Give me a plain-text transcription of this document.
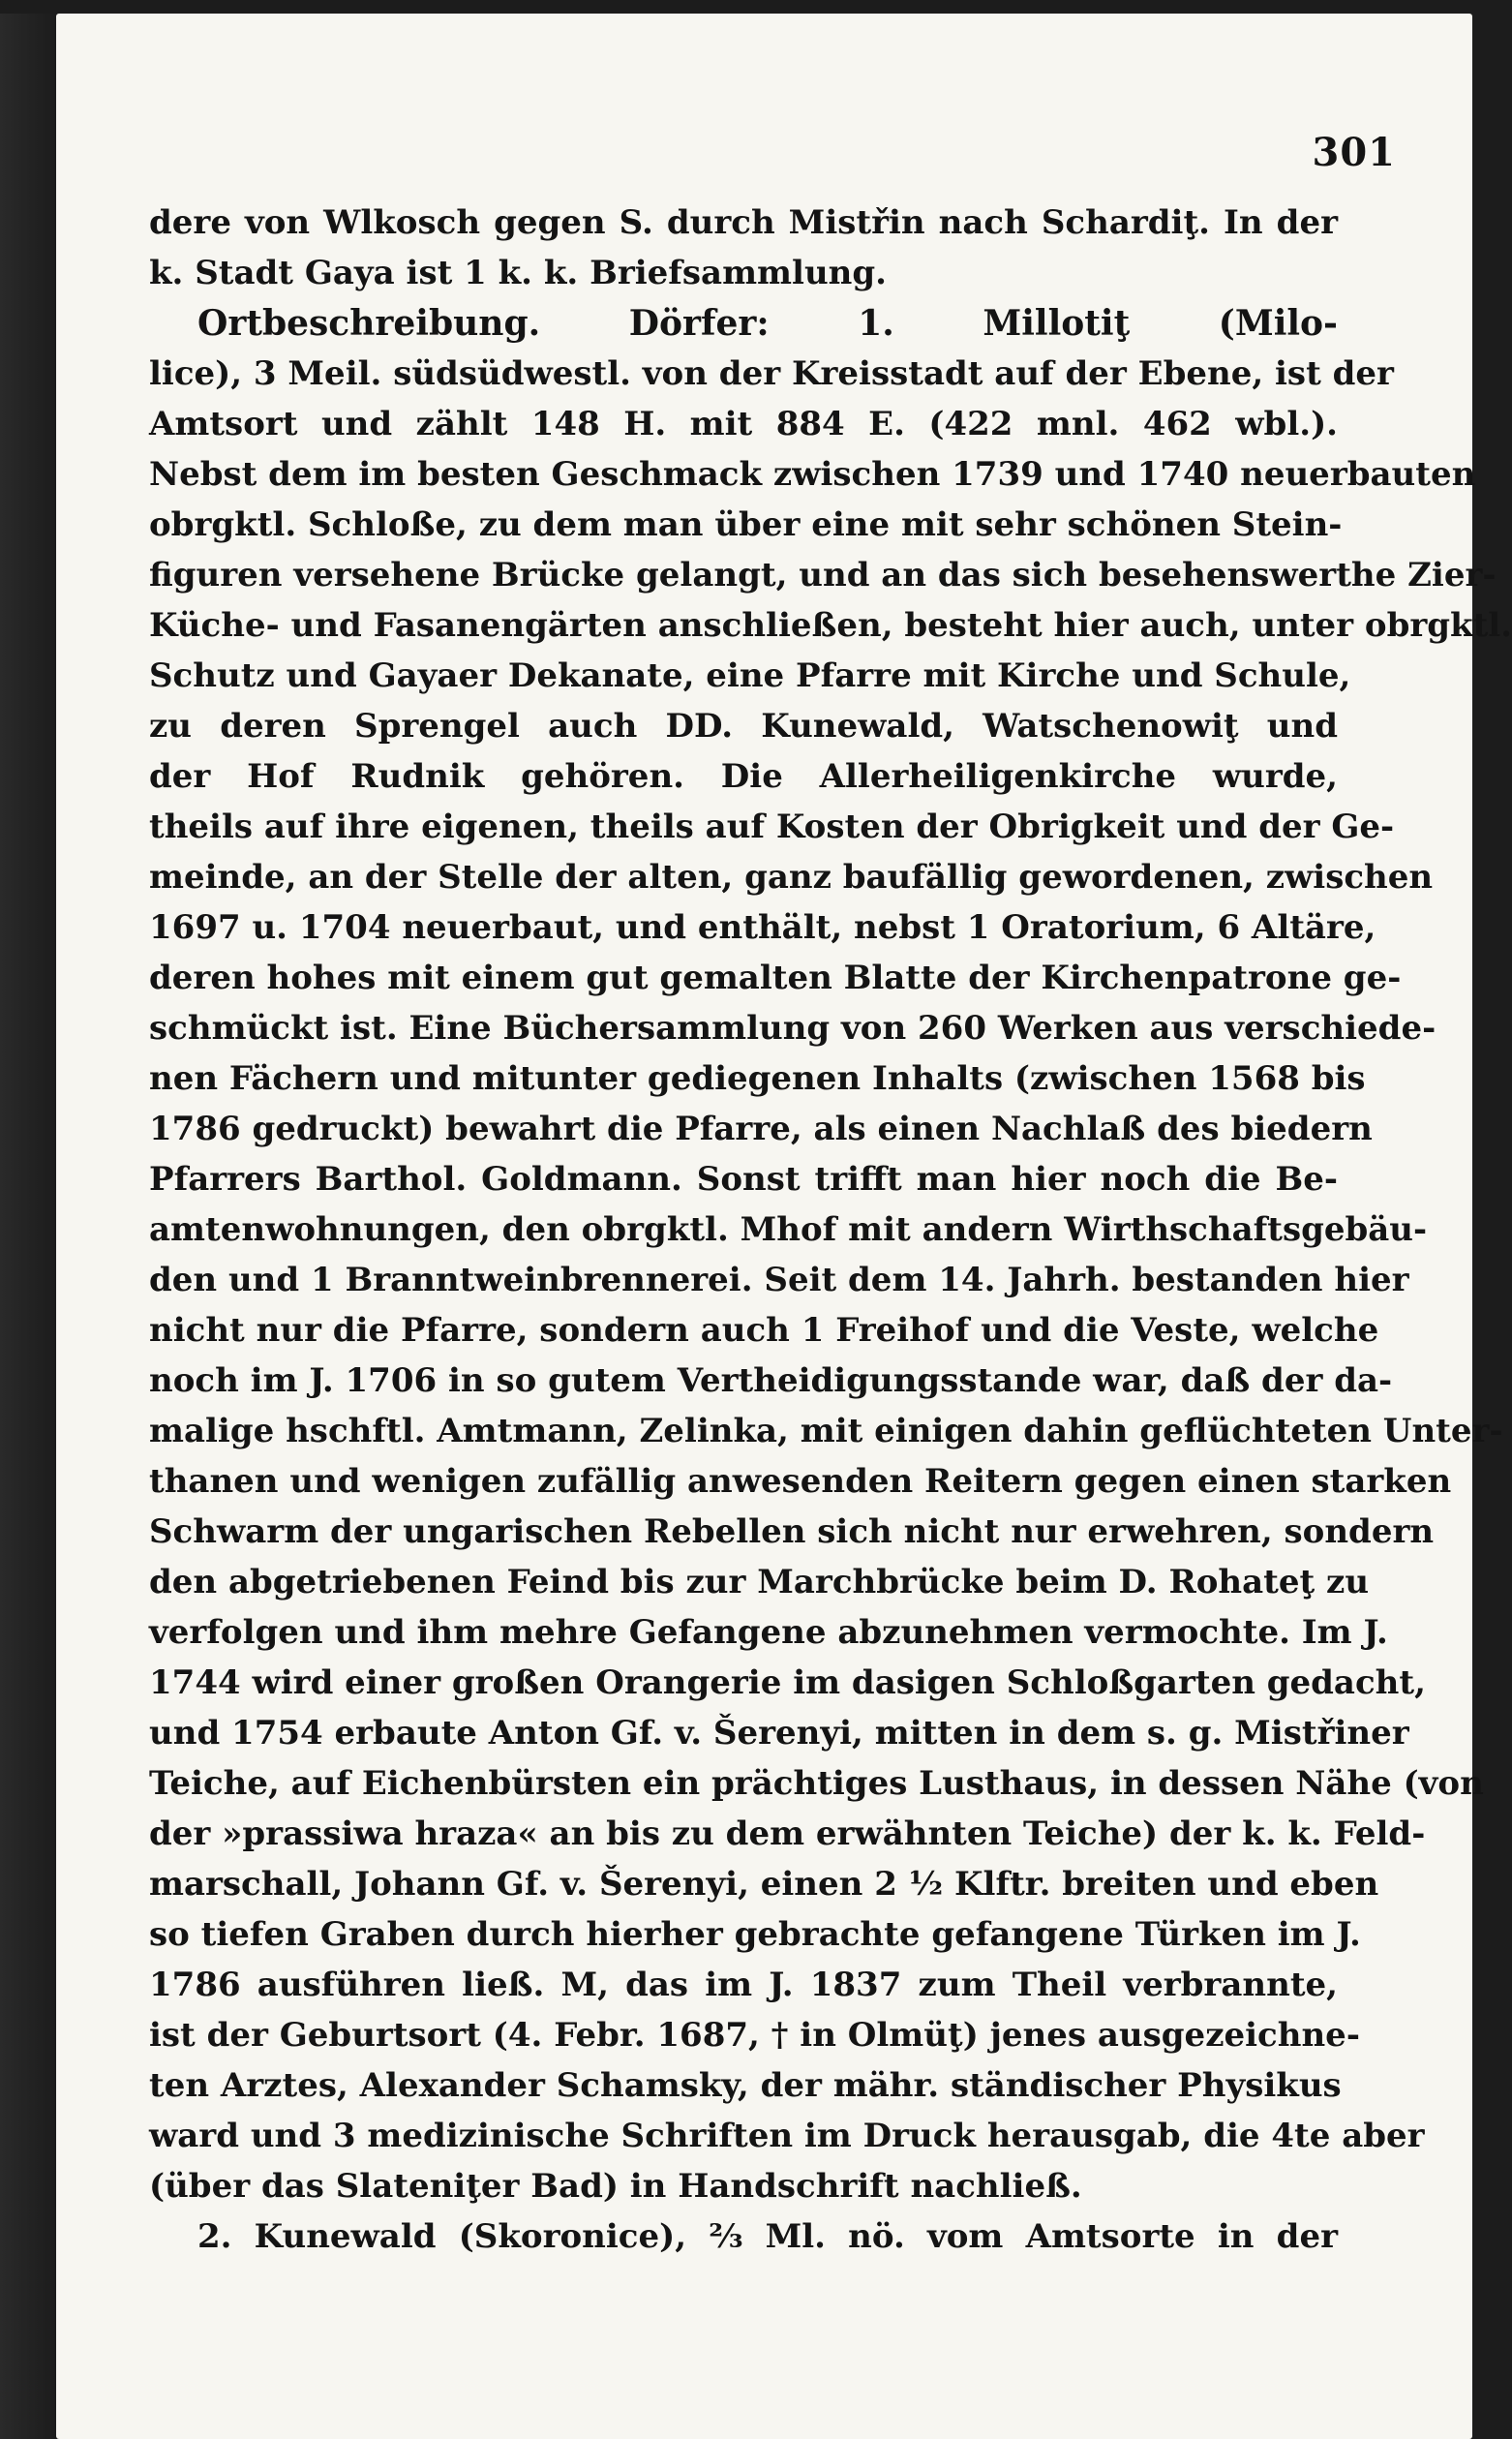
301
dere von Wlkosch gegen S. durch Mistřin nach Schardiţ. In der
k. Stadt Gaya ist 1 k. k. Briefsammlung.
Ortbeschreibung. Dörfer: 1. Millotiţ (Milo-
lice), 3 Meil. südsüdwestl. von der Kreisstadt auf der Ebene, ist der
Amtsort und zählt 148 H. mit 884 E. (422 mnl. 462 wbl.).
Nebst dem im besten Geschmack zwischen 1739 und 1740 neuerbauten
obrgktl. Schloße, zu dem man über eine mit sehr schönen Stein-
figuren versehene Brücke gelangt, und an das sich besehenswerthe Zier-
Küche- und Fasanengärten anschließen, besteht hier auch, unter obrgktl.
Schutz und Gayaer Dekanate, eine Pfarre mit Kirche und Schule,
zu deren Sprengel auch DD. Kunewald, Watschenowiţ und
der Hof Rudnik gehören. Die Allerheiligenkirche wurde,
theils auf ihre eigenen, theils auf Kosten der Obrigkeit und der Ge-
meinde, an der Stelle der alten, ganz baufällig gewordenen, zwischen
1697 u. 1704 neuerbaut, und enthält, nebst 1 Oratorium, 6 Altäre,
deren hohes mit einem gut gemalten Blatte der Kirchenpatrone ge-
schmückt ist. Eine Büchersammlung von 260 Werken aus verschiede-
nen Fächern und mitunter gediegenen Inhalts (zwischen 1568 bis
1786 gedruckt) bewahrt die Pfarre, als einen Nachlaß des biedern
Pfarrers Barthol. Goldmann. Sonst trifft man hier noch die Be-
amtenwohnungen, den obrgktl. Mhof mit andern Wirthschaftsgebäu-
den und 1 Branntweinbrennerei. Seit dem 14. Jahrh. bestanden hier
nicht nur die Pfarre, sondern auch 1 Freihof und die Veste, welche
noch im J. 1706 in so gutem Vertheidigungsstande war, daß der da-
malige hschftl. Amtmann, Zelinka, mit einigen dahin geflüchteten Unter-
thanen und wenigen zufällig anwesenden Reitern gegen einen starken
Schwarm der ungarischen Rebellen sich nicht nur erwehren, sondern
den abgetriebenen Feind bis zur Marchbrücke beim D. Rohateţ zu
verfolgen und ihm mehre Gefangene abzunehmen vermochte. Im J.
1744 wird einer großen Orangerie im dasigen Schloßgarten gedacht,
und 1754 erbaute Anton Gf. v. Šerenyi, mitten in dem s. g. Mistřiner
Teiche, auf Eichenbürsten ein prächtiges Lusthaus, in dessen Nähe (von
der »prassiwa hraza« an bis zu dem erwähnten Teiche) der k. k. Feld-
marschall, Johann Gf. v. Šerenyi, einen 2 ½ Klftr. breiten und eben
so tiefen Graben durch hierher gebrachte gefangene Türken im J.
1786 ausführen ließ. M, das im J. 1837 zum Theil verbrannte,
ist der Geburtsort (4. Febr. 1687, † in Olmüţ) jenes ausgezeichne-
ten Arztes, Alexander Schamsky, der mähr. ständischer Physikus
ward und 3 medizinische Schriften im Druck herausgab, die 4te aber
(über das Slateniţer Bad) in Handschrift nachließ.
2. Kunewald (Skoronice), ⅔ Ml. nö. vom Amtsorte in der
